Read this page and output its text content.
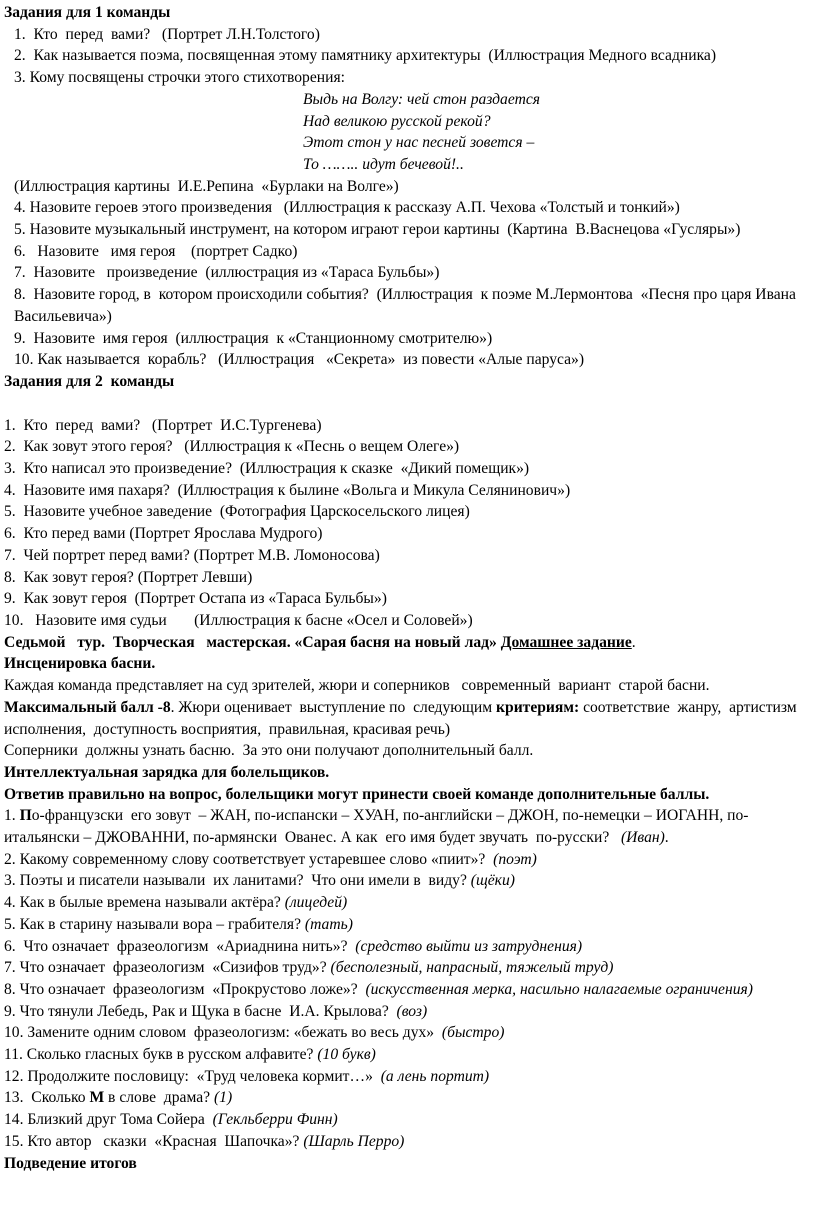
Задания для 1 команды
1.  Кто  перед  вами?   (Портрет Л.Н.Толстого)
2.  Как называется поэма, посвященная этому памятнику архитектуры  (Иллюстрация Медного всадника)
3. Кому посвящены строчки этого стихотворения:
Выдь на Волгу: чей стон раздается
Над великою русской рекой?
Этот стон у нас песней зовется –
То …….. идут бечевой!..
(Иллюстрация картины  И.Е.Репина  «Бурлаки на Волге»)
4. Назовите героев этого произведения   (Иллюстрация к рассказу А.П. Чехова «Толстый и тонкий»)
5. Назовите музыкальный инструмент, на котором играют герои картины  (Картина  В.Васнецова «Гусляры»)
6.   Назовите   имя героя    (портрет Садко)
7.  Назовите   произведение  (иллюстрация из «Тараса Бульбы»)
8.  Назовите город, в  котором происходили события?  (Иллюстрация  к поэме М.Лермонтова  «Песня про царя Ивана Васильевича»)
9.  Назовите  имя героя  (иллюстрация  к «Станционному смотрителю»)
10. Как называется  корабль?   (Иллюстрация   «Секрета»  из повести «Алые паруса»)
Задания для 2  команды
1.  Кто  перед  вами?   (Портрет  И.С.Тургенева)
2.  Как зовут этого героя?   (Иллюстрация к «Песнь о вещем Олеге»)
3.  Кто написал это произведение?  (Иллюстрация к сказке  «Дикий помещик»)
4.  Назовите имя пахаря?  (Иллюстрация к былине «Вольга и Микула Селянинович»)
5.  Назовите учебное заведение  (Фотография Царскосельского лицея)
6.  Кто перед вами (Портрет Ярослава Мудрого)
7.  Чей портрет перед вами? (Портрет М.В. Ломоносова)
8.  Как зовут героя? (Портрет Левши)
9.  Как зовут героя  (Портрет Остапа из «Тараса Бульбы»)
10.   Назовите имя судьи       (Иллюстрация к басне «Осел и Соловей»)
Седьмой   тур.  Творческая   мастерская. «Сарая басня на новый лад» Домашнее задание.
Инсценировка басни.
Каждая команда представляет на суд зрителей, жюри и соперников   современный  вариант  старой басни.   Максимальный балл -8. Жюри оценивает  выступление по  следующим критериям: соответствие  жанру,  артистизм  исполнения,  доступность восприятия,  правильная, красивая речь)
Соперники  должны узнать басню.  За это они получают дополнительный балл.
Интеллектуальная зарядка для болельщиков.
Ответив правильно на вопрос, болельщики могут принести своей команде дополнительные баллы.
1. По-французски  его зовут  – ЖАН, по-испански – ХУАН, по-английски – ДЖОН, по-немецки – ИОГАНН, по-итальянски – ДЖОВАННИ, по-армянски  Ованес. А как  его имя будет звучать  по-русски?   (Иван).
2. Какому современному слову соответствует устаревшее слово «пиит»?  (поэт)
3. Поэты и писатели называли  их ланитами?  Что они имели в  виду? (щёки)
4. Как в былые времена называли актёра? (лицедей)
5. Как в старину называли вора – грабителя? (тать)
6.  Что означает  фразеологизм  «Ариаднина нить»?  (средство выйти из затруднения)
7. Что означает  фразеологизм  «Сизифов труд»? (бесполезный, напрасный, тяжелый труд)
8. Что означает  фразеологизм  «Прокрустово ложе»?  (искусственная мерка, насильно налагаемые ограничения)
9. Что тянули Лебедь, Рак и Щука в басне  И.А. Крылова?  (воз)
10. Замените одним словом  фразеологизм: «бежать во весь дух»  (быстро)
11. Сколько гласных букв в русском алфавите? (10 букв)
12. Продолжите пословицу:  «Труд человека кормит…»  (а лень портит)
13.  Сколько М в слове  драма? (1)
14. Близкий друг Тома Сойера  (Гекльберри Финн)
15. Кто автор   сказки  «Красная  Шапочка»? (Шарль Перро)
Подведение итогов
